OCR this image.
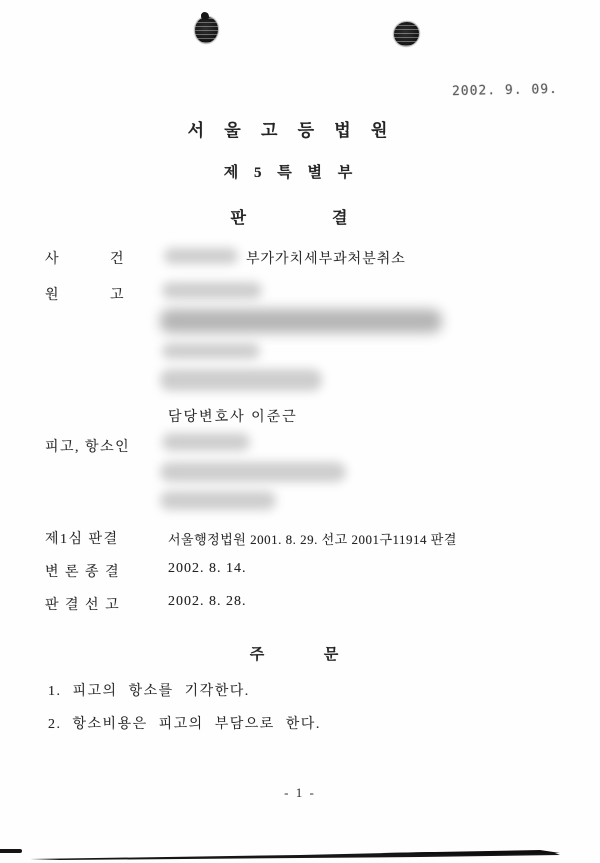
2002. 9. 09.
서 울 고 등 법 원
제 5 특 별 부
판              결
사          건	부가가치세부과처분취소
원          고
담당변호사 이준근
피고, 항소인
제1심 판결	서울행정법원 2001. 8. 29. 선고 2001구11914 판결
변 론 종 결	2002. 8. 14.
판 결 선 고	2002. 8. 28.
주          문
1. 피고의 항소를 기각한다.
2. 항소비용은 피고의 부담으로 한다.
- 1 -
